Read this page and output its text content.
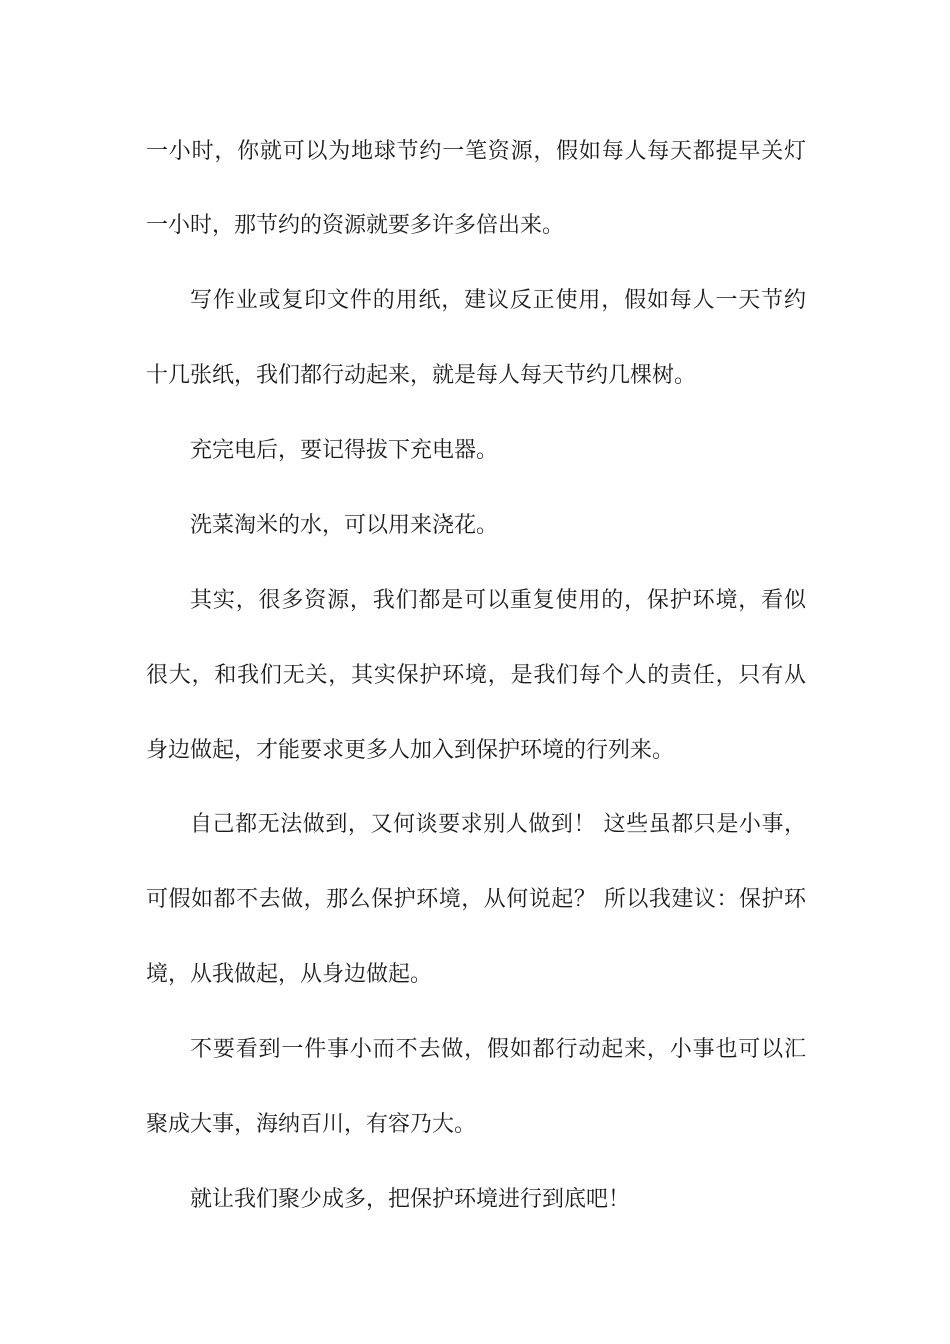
一小时，你就可以为地球节约一笔资源，假如每人每天都提早关灯
一小时，那节约的资源就要多许多倍出来。
写作业或复印文件的用纸，建议反正使用，假如每人一天节约
十几张纸，我们都行动起来，就是每人每天节约几棵树。
充完电后，要记得拔下充电器。
洗菜淘米的水，可以用来浇花。
其实，很多资源，我们都是可以重复使用的，保护环境，看似
很大，和我们无关，其实保护环境，是我们每个人的责任，只有从
身边做起，才能要求更多人加入到保护环境的行列来。
自己都无法做到，又何谈要求别人做到！ 这些虽都只是小事，
可假如都不去做，那么保护环境，从何说起？ 所以我建议：保护环
境，从我做起，从身边做起。
不要看到一件事小而不去做，假如都行动起来，小事也可以汇
聚成大事，海纳百川，有容乃大。
就让我们聚少成多，把保护环境进行到底吧！
